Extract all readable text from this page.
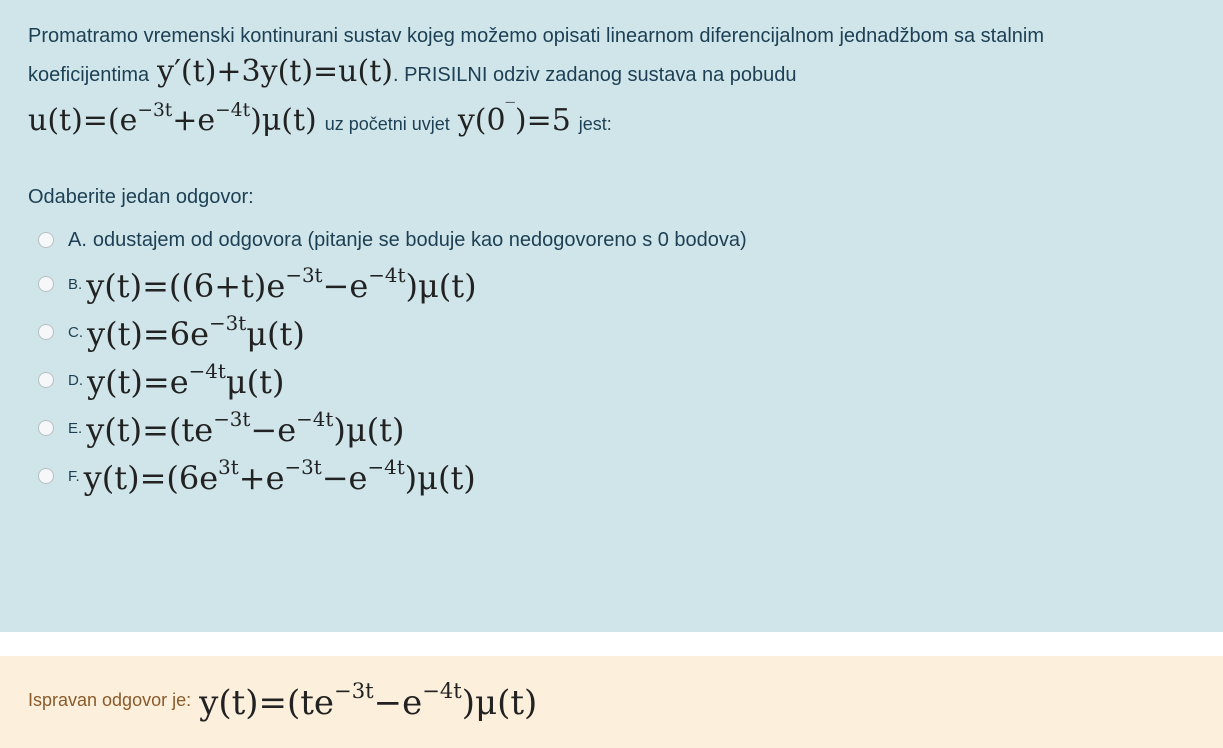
Promatramo vremenski kontinurani sustav kojeg možemo opisati linearnom diferencijalnom jednadžbom sa stalnim
koeficijentima y′(t)+3y(t)=u(t) . PRISILNI odziv zadanog sustava na pobudu
$u(t)=(e^{-3t}+e^{-4t})\mu(t)$ uz početni uvjet y(0‾)=5 jest:
Odaberite jedan odgovor:
A. odustajem od odgovora (pitanje se boduje kao nedogovoreno s 0 bodova)
B. $y(t)=((6+t)e^{-3t}-e^{-4t})\mu(t)$
C. $y(t)=6e^{-3t}\mu(t)$
D. $y(t)=e^{-4t}\mu(t)$
E. $y(t)=(te^{-3t}-e^{-4t})\mu(t)$
F. $y(t)=(6e^{3t}+e^{-3t}-e^{-4t})\mu(t)$
Ispravan odgovor je: $y(t)=(te^{-3t}-e^{-4t})\mu(t)$
